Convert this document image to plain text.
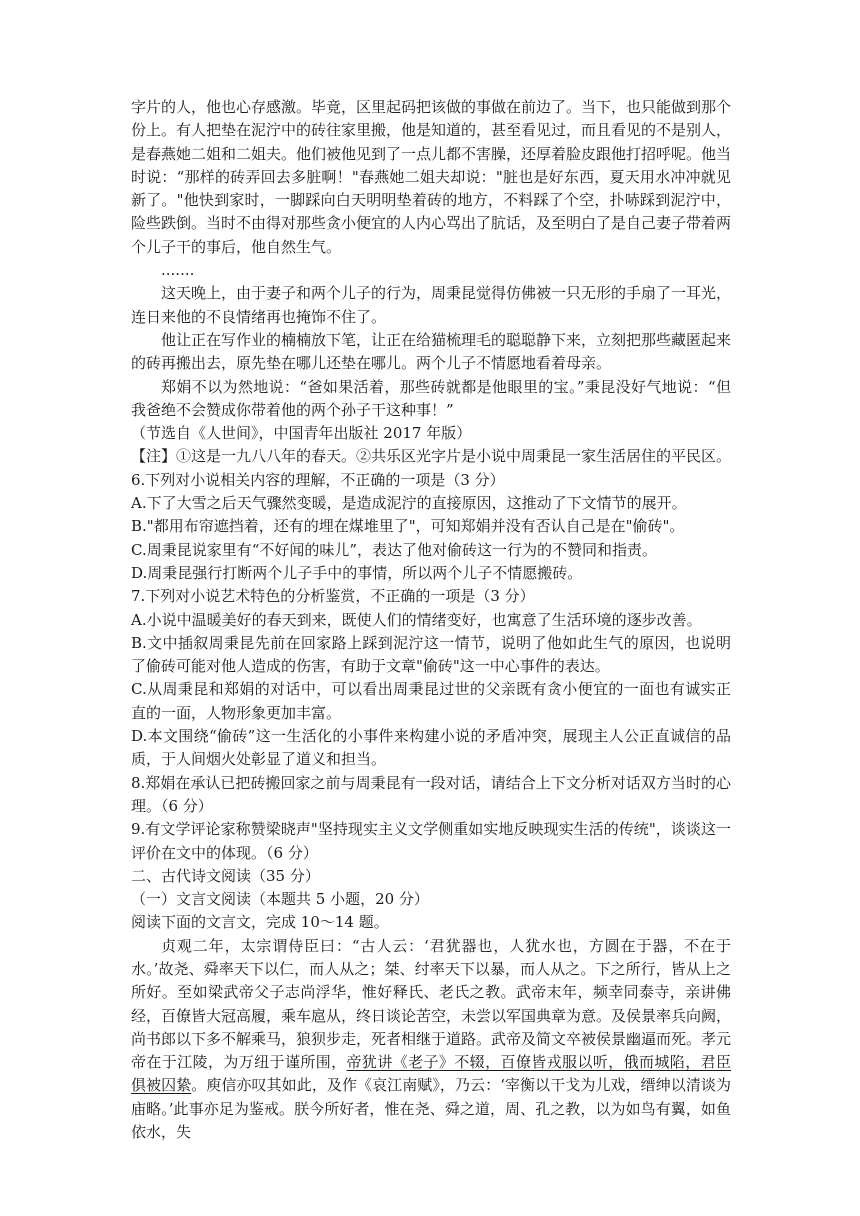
字片的人，他也心存感激。毕竟，区里起码把该做的事做在前边了。当下，也只能做到那个份上。有人把垫在泥泞中的砖往家里搬，他是知道的，甚至看见过，而且看见的不是别人，是春燕她二姐和二姐夫。他们被他见到了一点儿都不害臊，还厚着脸皮跟他打招呼呢。他当时说：“那样的砖弄回去多脏啊！"春燕她二姐夫却说："脏也是好东西，夏天用水冲冲就见新了。"他快到家时，一脚踩向白天明明垫着砖的地方，不料踩了个空，扑哧踩到泥泞中，险些跌倒。当时不由得对那些贪小便宜的人内心骂出了肮话，及至明白了是自己妻子带着两个儿子干的事后，他自然生气。

.......

这天晚上，由于妻子和两个儿子的行为，周秉昆觉得仿佛被一只无形的手扇了一耳光，连日来他的不良情绪再也掩饰不住了。

他让正在写作业的楠楠放下笔，让正在给猫梳理毛的聪聪静下来，立刻把那些藏匿起来的砖再搬出去，原先垫在哪儿还垫在哪儿。两个儿子不情愿地看着母亲。

郑娟不以为然地说：“爸如果活着，那些砖就都是他眼里的宝。”秉昆没好气地说：“但我爸绝不会赞成你带着他的两个孙子干这种事！”

（节选自《人世间》，中国青年出版社 2017 年版）

【注】①这是一九八八年的春天。②共乐区光字片是小说中周秉昆一家生活居住的平民区。

6.下列对小说相关内容的理解，不正确的一项是（3 分）

A.下了大雪之后天气骤然变暖，是造成泥泞的直接原因，这推动了下文情节的展开。

B."都用布帘遮挡着，还有的埋在煤堆里了"，可知郑娟并没有否认自己是在"偷砖"。

C.周秉昆说家里有“不好闻的味儿”，表达了他对偷砖这一行为的不赞同和指责。

D.周秉昆强行打断两个儿子手中的事情，所以两个儿子不情愿搬砖。

7.下列对小说艺术特色的分析鉴赏，不正确的一项是（3 分）

A.小说中温暖美好的春天到来，既使人们的情绪变好，也寓意了生活环境的逐步改善。

B.文中插叙周秉昆先前在回家路上踩到泥泞这一情节，说明了他如此生气的原因，也说明了偷砖可能对他人造成的伤害，有助于文章"偷砖"这一中心事件的表达。

C.从周秉昆和郑娟的对话中，可以看出周秉昆过世的父亲既有贪小便宜的一面也有诚实正直的一面，人物形象更加丰富。

D.本文围绕“偷砖”这一生活化的小事件来构建小说的矛盾冲突，展现主人公正直诚信的品质，于人间烟火处彰显了道义和担当。

8.郑娟在承认已把砖搬回家之前与周秉昆有一段对话，请结合上下文分析对话双方当时的心理。（6 分）

9.有文学评论家称赞梁晓声"坚持现实主义文学侧重如实地反映现实生活的传统"，谈谈这一评价在文中的体现。（6 分）

二、古代诗文阅读（35 分）

（一）文言文阅读（本题共 5 小题，20 分）

阅读下面的文言文，完成 10～14 题。

贞观二年，太宗谓侍臣曰：“古人云：‘君犹器也，人犹水也，方圆在于器，不在于水。’故尧、舜率天下以仁，而人从之；桀、纣率天下以暴，而人从之。下之所行，皆从上之所好。至如梁武帝父子志尚浮华，惟好释氏、老氏之教。武帝末年，频幸同泰寺，亲讲佛经，百僚皆大冠高履，乘车扈从，终日谈论苦空，未尝以军国典章为意。及侯景率兵向阙，尚书郎以下多不解乘马，狼狈步走，死者相继于道路。武帝及简文卒被侯景幽逼而死。孝元帝在于江陵，为万纽于谨所围，帝犹讲《老子》不辍，百僚皆戎服以听，俄而城陷，君臣俱被囚絷。庾信亦叹其如此，及作《哀江南赋》，乃云：‘宰衡以干戈为儿戏，缙绅以清谈为庙略。’此事亦足为鉴戒。朕今所好者，惟在尧、舜之道，周、孔之教，以为如鸟有翼，如鱼依水，失
